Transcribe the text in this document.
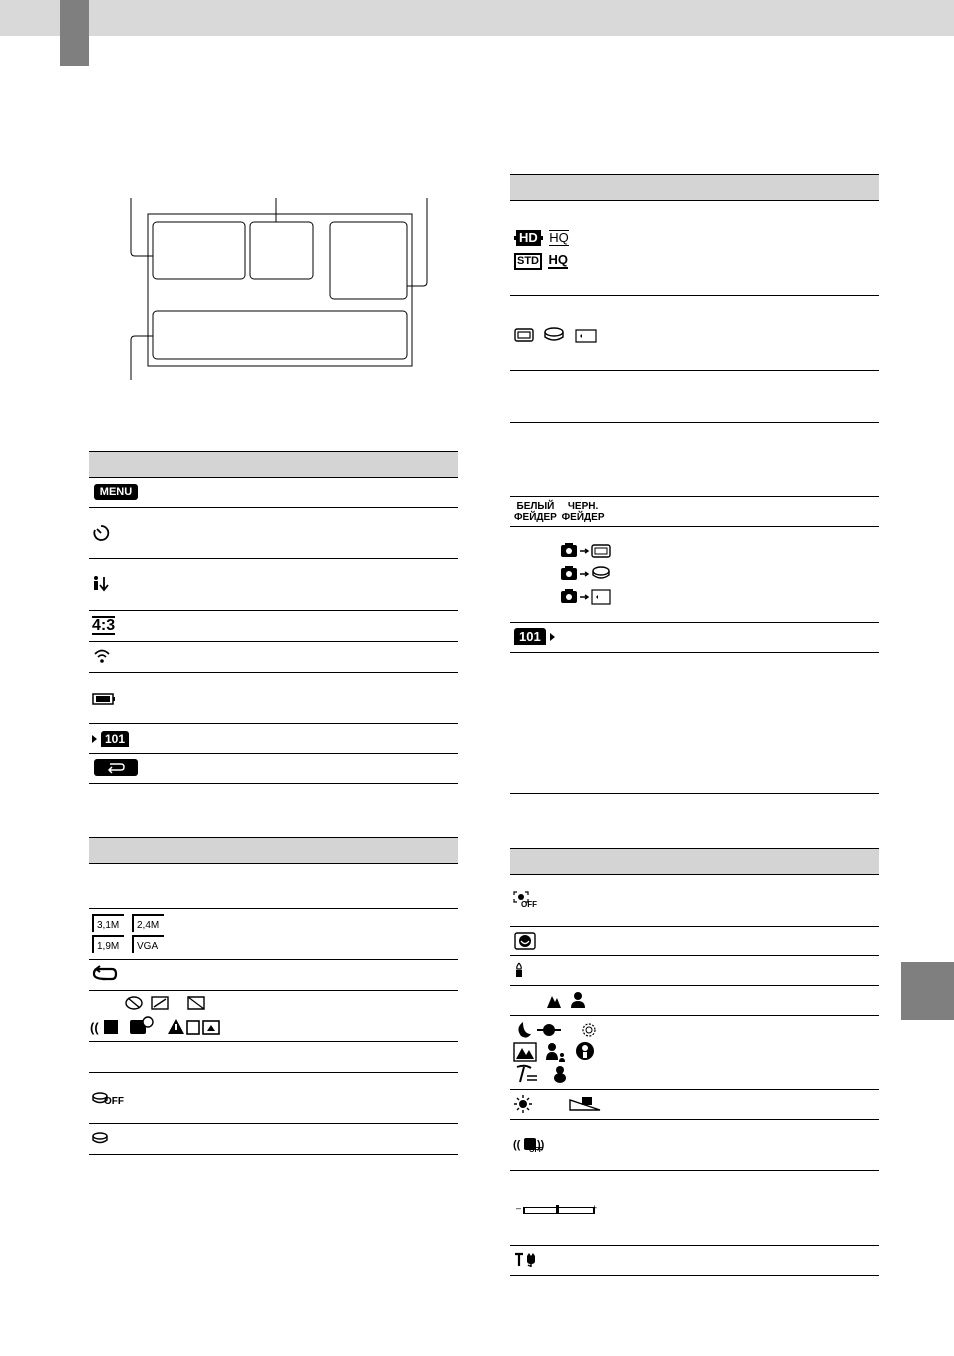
MENU
4:3
101
3,1M 2,4M
1,9M VGA
((
OFF
HD HQ
STD HQ
БЕЛЫЙ
ФЕЙДЕР

ЧЕРН.
ФЕЙДЕР
101
OFF
(( ))
OFF
–	+
